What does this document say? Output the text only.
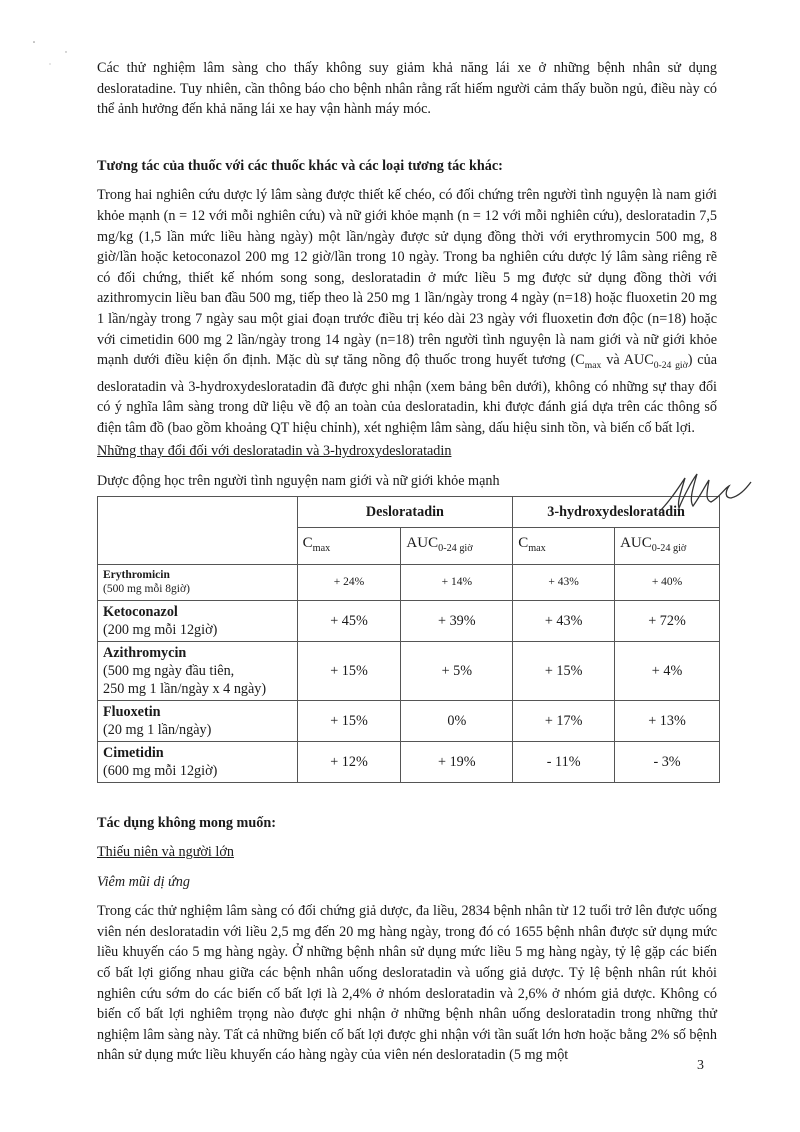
Các thử nghiệm lâm sàng cho thấy không suy giảm khả năng lái xe ở những bệnh nhân sử dụng desloratadine. Tuy nhiên, cần thông báo cho bệnh nhân rằng rất hiếm người cảm thấy buồn ngủ, điều này có thể ảnh hưởng đến khả năng lái xe hay vận hành máy móc.

Tương tác của thuốc với các thuốc khác và các loại tương tác khác:

Trong hai nghiên cứu dược lý lâm sàng được thiết kế chéo, có đối chứng trên người tình nguyện là nam giới khỏe mạnh (n = 12 với mỗi nghiên cứu) và nữ giới khỏe mạnh (n = 12 với mỗi nghiên cứu), desloratadin 7,5 mg/kg (1,5 lần mức liều hàng ngày) một lần/ngày được sử dụng đồng thời với erythromycin 500 mg, 8 giờ/lần hoặc ketoconazol 200 mg 12 giờ/lần trong 10 ngày. Trong ba nghiên cứu dược lý lâm sàng riêng rẽ có đối chứng, thiết kế nhóm song song, desloratadin ở mức liều 5 mg được sử dụng đồng thời với azithromycin liều ban đầu 500 mg, tiếp theo là 250 mg 1 lần/ngày trong 4 ngày (n=18) hoặc fluoxetin 20 mg 1 lần/ngày trong 7 ngày sau một giai đoạn trước điều trị kéo dài 23 ngày với fluoxetin đơn độc (n=18) hoặc với cimetidin 600 mg 2 lần/ngày trong 14 ngày (n=18) trên người tình nguyện là nam giới và nữ giới khỏe mạnh dưới điều kiện ổn định. Mặc dù sự tăng nồng độ thuốc trong huyết tương ($C_{max}$ và $AUC_{0-24 giờ}$) của desloratadin và 3-hydroxydesloratadin đã được ghi nhận (xem bảng bên dưới), không có những sự thay đổi có ý nghĩa lâm sàng trong dữ liệu về độ an toàn của desloratadin, khi được đánh giá dựa trên các thông số điện tâm đồ (bao gồm khoảng QT hiệu chỉnh), xét nghiệm lâm sàng, dấu hiệu sinh tồn, và biến cố bất lợi.

Những thay đổi đối với desloratadin và 3-hydroxydesloratadin

Dược động học trên người tình nguyện nam giới và nữ giới khỏe mạnh

	Desloratadin		3-hydroxydesloratadin	
	$C_{max}$	$AUC_{0-24 giờ}$	$C_{max}$	$AUC_{0-24 giờ}$
Erythromicin
(500 mg mỗi 8giờ)	+ 24%	+ 14%	+ 43%	+ 40%
Ketoconazol
(200 mg mỗi 12giờ)	+ 45%	+ 39%	+ 43%	+ 72%
Azithromycin
(500 mg ngày đầu tiên,
250 mg 1 lần/ngày x 4 ngày)	+ 15%	+ 5%	+ 15%	+ 4%
Fluoxetin
(20 mg 1 lần/ngày)	+ 15%	0%	+ 17%	+ 13%
Cimetidin
(600 mg mỗi 12giờ)	+ 12%	+ 19%	- 11%	- 3%

Tác dụng không mong muốn:

Thiếu niên và người lớn

Viêm mũi dị ứng

Trong các thử nghiệm lâm sàng có đối chứng giả dược, đa liều, 2834 bệnh nhân từ 12 tuổi trở lên được uống viên nén desloratadin với liều 2,5 mg đến 20 mg hàng ngày, trong đó có 1655 bệnh nhân được sử dụng mức liều khuyến cáo 5 mg hàng ngày. Ở những bệnh nhân sử dụng mức liều 5 mg hàng ngày, tỷ lệ gặp các biến cố bất lợi giống nhau giữa các bệnh nhân uống desloratadin và uống giả dược. Tỷ lệ bệnh nhân rút khỏi nghiên cứu sớm do các biến cố bất lợi là 2,4% ở nhóm desloratadin và 2,6% ở nhóm giả dược. Không có biến cố bất lợi nghiêm trọng nào được ghi nhận ở những bệnh nhân uống desloratadin trong những thử nghiệm lâm sàng này. Tất cả những biến cố bất lợi được ghi nhận với tần suất lớn hơn hoặc bằng 2% số bệnh nhân sử dụng mức liều khuyến cáo hàng ngày của viên nén desloratadin (5 mg một

3
